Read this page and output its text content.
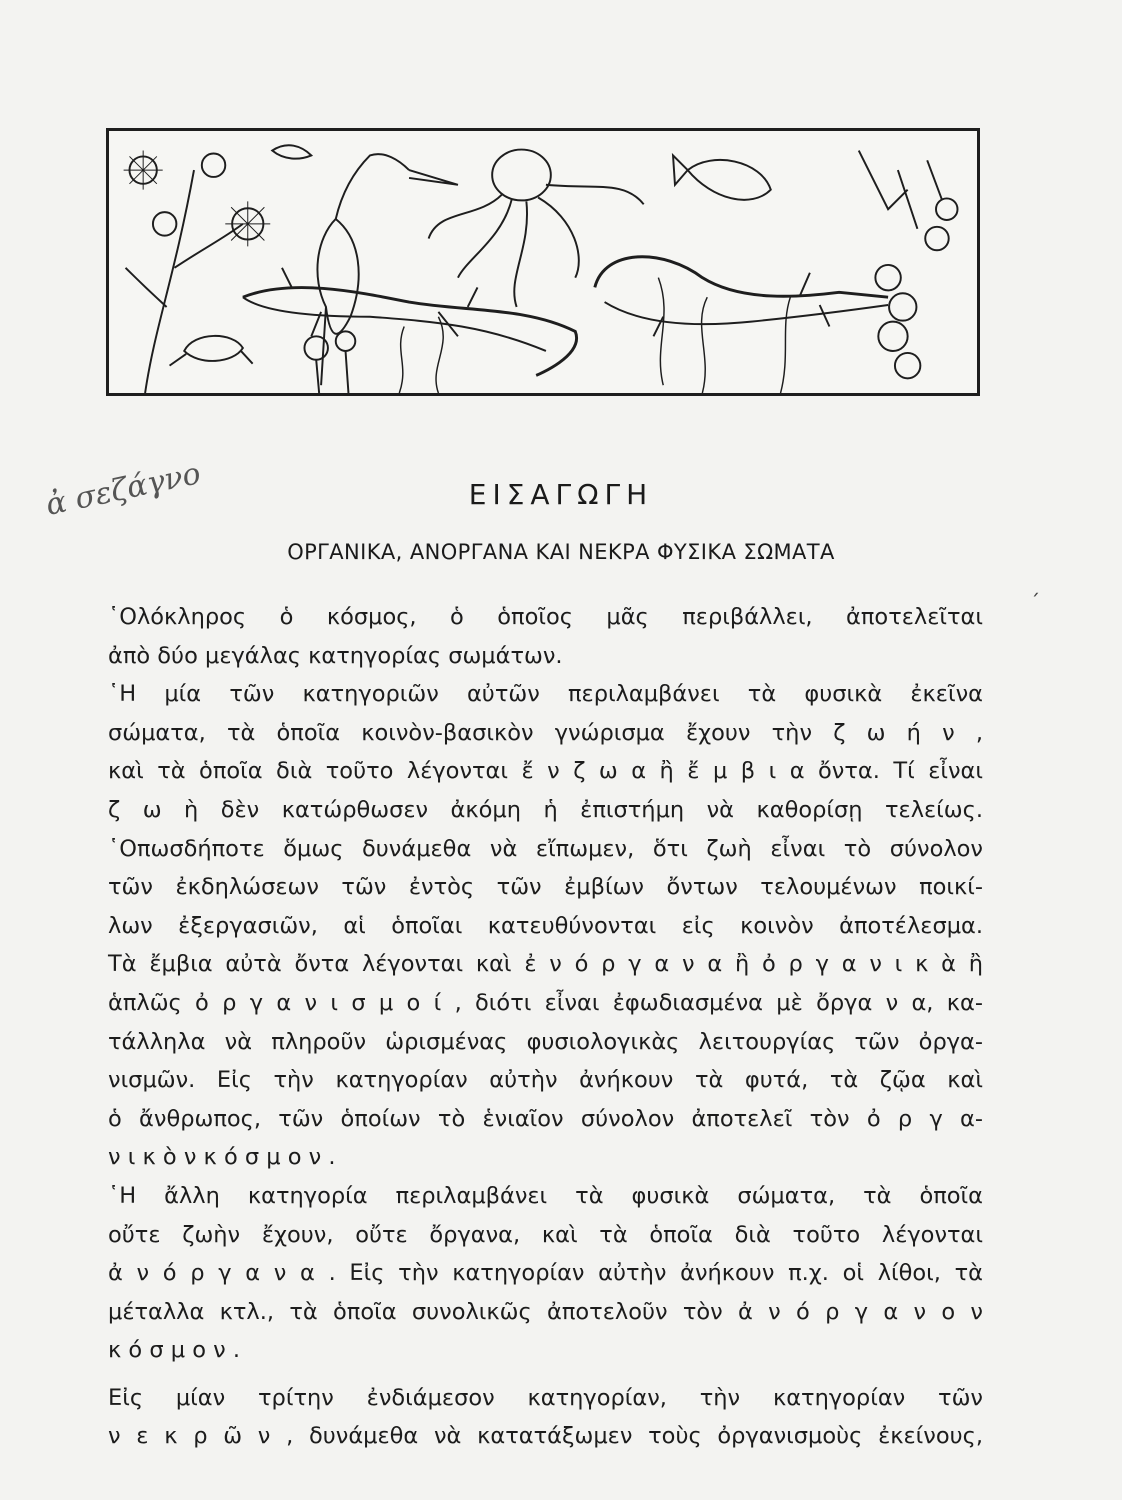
ἀ σεζάγνο
ˊ
ΕΙΣΑΓΩΓΗ
ΟΡΓΑΝΙΚΑ, ΑΝΟΡΓΑΝΑ ΚΑΙ ΝΕΚΡΑ ΦΥΣΙΚΑ ΣΩΜΑΤΑ
῾Ολόκληρος ὁ κόσμος, ὁ ὁποῖος μᾶς περιβάλλει, ἀποτελεῖται
ἀπὸ δύο μεγάλας κατηγορίας σωμάτων.
῾Η μία τῶν κατηγοριῶν αὐτῶν περιλαμβάνει τὰ φυσικὰ ἐκεῖνα
σώματα, τὰ ὁποῖα κοινὸν-βασικὸν γνώρισμα ἔχουν τὴν ζ ω ή ν ,
καὶ τὰ ὁποῖα διὰ τοῦτο λέγονται ἔ ν ζ ω α ἢ ἔ μ β ι α ὄντα. Τί εἶναι
ζ ω ὴ δὲν κατώρθωσεν ἀκόμη ἡ ἐπιστήμη νὰ καθορίσῃ τελείως.
῾Οπωσδήποτε ὅμως δυνάμεθα νὰ εἴπωμεν, ὅτι ζωὴ εἶναι τὸ σύνολον
τῶν ἐκδηλώσεων τῶν ἐντὸς τῶν ἐμβίων ὄντων τελουμένων ποικί-
λων ἐξεργασιῶν, αἱ ὁποῖαι κατευθύνονται εἰς κοινὸν ἀποτέλεσμα.
Τὰ ἔμβια αὐτὰ ὄντα λέγονται καὶ ἐ ν ό ρ γ α ν α ἢ ὀ ρ γ α ν ι κ ὰ ἢ
ἁπλῶς ὀ ρ γ α ν ι σ μ ο ί , διότι εἶναι ἐφωδιασμένα μὲ ὄργα ν α, κα-
τάλληλα νὰ πληροῦν ὡρισμένας φυσιολογικὰς λειτουργίας τῶν ὀργα-
νισμῶν. Εἰς τὴν κατηγορίαν αὐτὴν ἀνήκουν τὰ φυτά, τὰ ζῷα καὶ
ὁ ἄνθρωπος, τῶν ὁποίων τὸ ἑνιαῖον σύνολον ἀποτελεῖ τὸν ὀ ρ γ α-
ν ι κ ὸ ν κ ό σ μ ο ν .
῾Η ἄλλη κατηγορία περιλαμβάνει τὰ φυσικὰ σώματα, τὰ ὁποῖα
οὔτε ζωὴν ἔχουν, οὔτε ὄργανα, καὶ τὰ ὁποῖα διὰ τοῦτο λέγονται
ἀ ν ό ρ γ α ν α . Εἰς τὴν κατηγορίαν αὐτὴν ἀνήκουν π.χ. οἱ λίθοι, τὰ
μέταλλα κτλ., τὰ ὁποῖα συνολικῶς ἀποτελοῦν τὸν ἀ ν ό ρ γ α ν ο ν
κ ό σ μ ο ν .
Εἰς μίαν τρίτην ἐνδιάμεσον κατηγορίαν, τὴν κατηγορίαν τῶν
ν ε κ ρ ῶ ν , δυνάμεθα νὰ κατατάξωμεν τοὺς ὀργανισμοὺς ἐκείνους,
